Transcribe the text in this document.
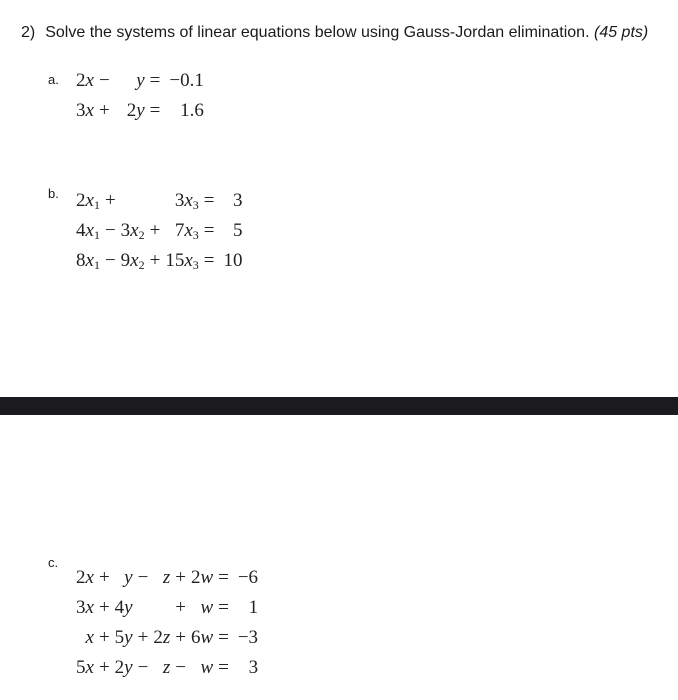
2) Solve the systems of linear equations below using Gauss-Jordan elimination. (45 pts)
a. 2x	−	y	=	−0.1
3x	+	2y	=	1.6
b. $2x_1$	+			$3x_3$	=	3
$4x_1$	−	$3x_2$	+	$7x_3$	=	5
$8x_1$	−	$9x_2$	+	$15x_3$	=	10
c.
2x	+	y	−	z	+	2w	=	−6
3x	+	4y			+	w	=	1
x	+	5y	+	2z	+	6w	=	−3
5x	+	2y	−	z	−	w	=	3
